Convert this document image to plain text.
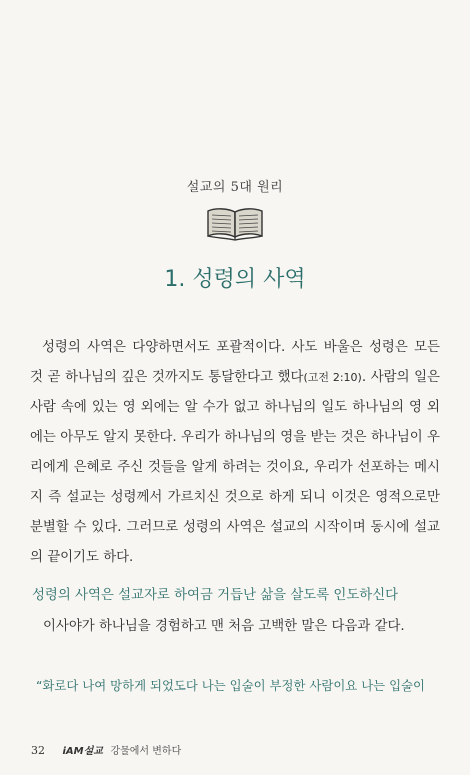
설교의 5대 원리
1. 성령의 사역
성령의 사역은 다양하면서도 포괄적이다. 사도 바울은 성령은 모든 것 곧 하나님의 깊은 것까지도 통달한다고 했다(고전 2:10). 사람의 일은 사람 속에 있는 영 외에는 알 수가 없고 하나님의 일도 하나님의 영 외에는 아무도 알지 못한다. 우리가 하나님의 영을 받는 것은 하나님이 우리에게 은혜로 주신 것들을 알게 하려는 것이요, 우리가 선포하는 메시지 즉 설교는 성령께서 가르치신 것으로 하게 되니 이것은 영적으로만 분별할 수 있다. 그러므로 성령의 사역은 설교의 시작이며 동시에 설교의 끝이기도 하다.
성령의 사역은 설교자로 하여금 거듭난 삶을 살도록 인도하신다
이사야가 하나님을 경험하고 맨 처음 고백한 말은 다음과 같다.
“화로다 나여 망하게 되었도다 나는 입술이 부정한 사람이요 나는 입술이
32 iAM설교 강물에서 변하다
